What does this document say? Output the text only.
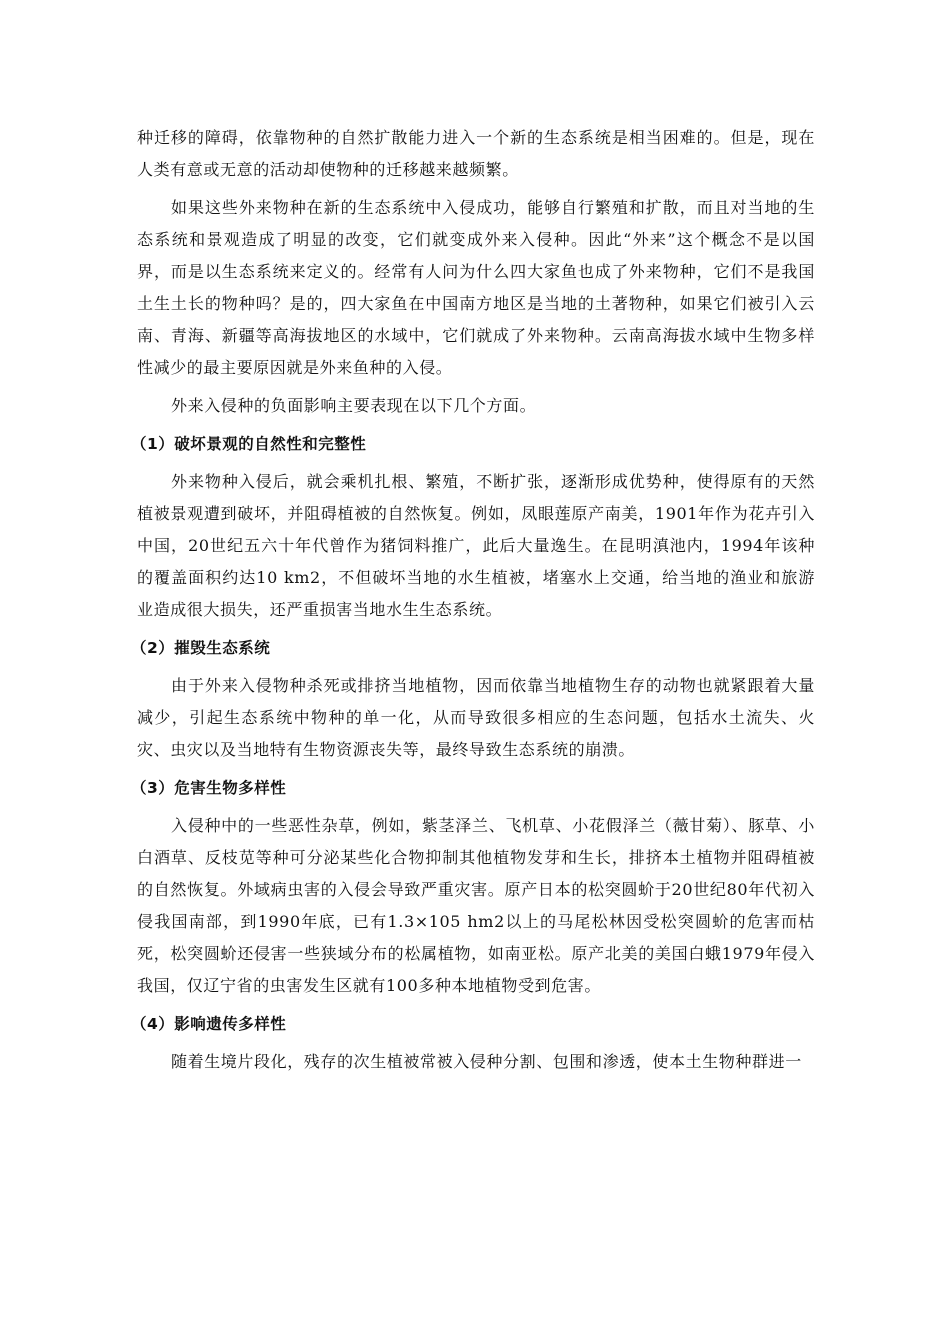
种迁移的障碍，依靠物种的自然扩散能力进入一个新的生态系统是相当困难的。但是，现在人类有意或无意的活动却使物种的迁移越来越频繁。

如果这些外来物种在新的生态系统中入侵成功，能够自行繁殖和扩散，而且对当地的生态系统和景观造成了明显的改变，它们就变成外来入侵种。因此“外来”这个概念不是以国界，而是以生态系统来定义的。经常有人问为什么四大家鱼也成了外来物种，它们不是我国土生土长的物种吗？是的，四大家鱼在中国南方地区是当地的土著物种，如果它们被引入云南、青海、新疆等高海拔地区的水域中，它们就成了外来物种。云南高海拔水域中生物多样性减少的最主要原因就是外来鱼种的入侵。

外来入侵种的负面影响主要表现在以下几个方面。

（1）破坏景观的自然性和完整性

外来物种入侵后，就会乘机扎根、繁殖，不断扩张，逐渐形成优势种，使得原有的天然植被景观遭到破坏，并阻碍植被的自然恢复。例如，凤眼莲原产南美，1901年作为花卉引入中国，20世纪五六十年代曾作为猪饲料推广，此后大量逸生。在昆明滇池内，1994年该种的覆盖面积约达10 km2，不但破坏当地的水生植被，堵塞水上交通，给当地的渔业和旅游业造成很大损失，还严重损害当地水生生态系统。

（2）摧毁生态系统

由于外来入侵物种杀死或排挤当地植物，因而依靠当地植物生存的动物也就紧跟着大量减少，引起生态系统中物种的单一化，从而导致很多相应的生态问题，包括水土流失、火灾、虫灾以及当地特有生物资源丧失等，最终导致生态系统的崩溃。

（3）危害生物多样性

入侵种中的一些恶性杂草，例如，紫茎泽兰、飞机草、小花假泽兰（薇甘菊）、豚草、小白酒草、反枝苋等种可分泌某些化合物抑制其他植物发芽和生长，排挤本土植物并阻碍植被的自然恢复。外域病虫害的入侵会导致严重灾害。原产日本的松突圆蚧于20世纪80年代初入侵我国南部，到1990年底，已有1.3×105 hm2以上的马尾松林因受松突圆蚧的危害而枯死，松突圆蚧还侵害一些狭域分布的松属植物，如南亚松。原产北美的美国白蛾1979年侵入我国，仅辽宁省的虫害发生区就有100多种本地植物受到危害。

（4）影响遗传多样性

随着生境片段化，残存的次生植被常被入侵种分割、包围和渗透，使本土生物种群进一
